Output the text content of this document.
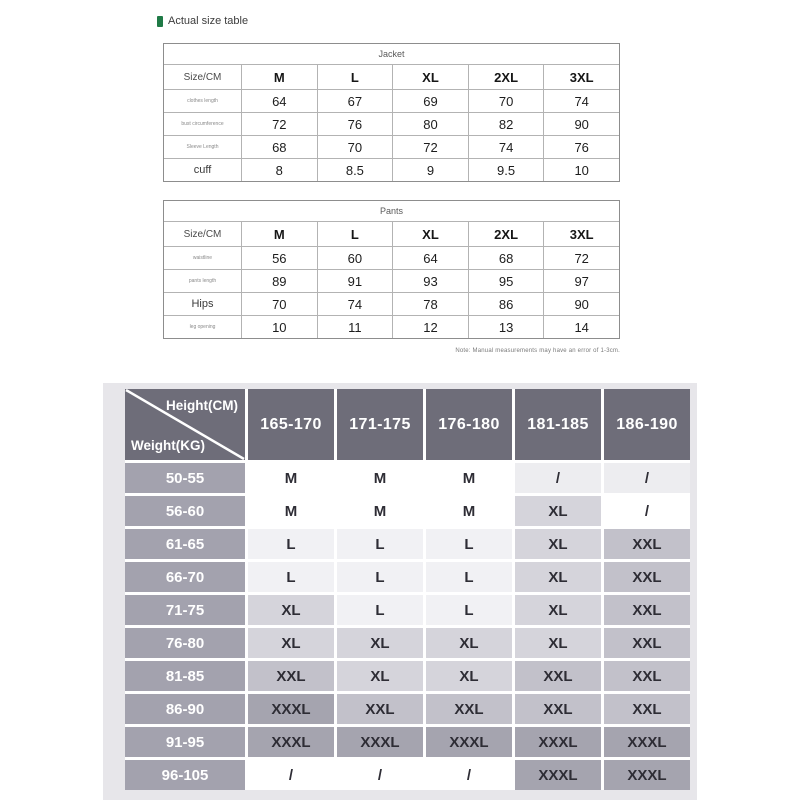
Actual size table
Jacket
Size/CM	M	L	XL	2XL	3XL
clothes length	64	67	69	70	74
bust circumference	72	76	80	82	90
Sleeve Length	68	70	72	74	76
cuff	8	8.5	9	9.5	10
Pants
Size/CM	M	L	XL	2XL	3XL
waistline	56	60	64	68	72
pants length	89	91	93	95	97
Hips	70	74	78	86	90
leg opening	10	11	12	13	14
Note: Manual measurements may have an error of 1-3cm.
Height(CM)
Weight(KG)
165-170	171-175	176-180	181-185	186-190
50-55	M	M	M	/	/
56-60	M	M	M	XL	/
61-65	L	L	L	XL	XXL
66-70	L	L	L	XL	XXL
71-75	XL	L	L	XL	XXL
76-80	XL	XL	XL	XL	XXL
81-85	XXL	XL	XL	XXL	XXL
86-90	XXXL	XXL	XXL	XXL	XXL
91-95	XXXL	XXXL	XXXL	XXXL	XXXL
96-105	/	/	/	XXXL	XXXL
